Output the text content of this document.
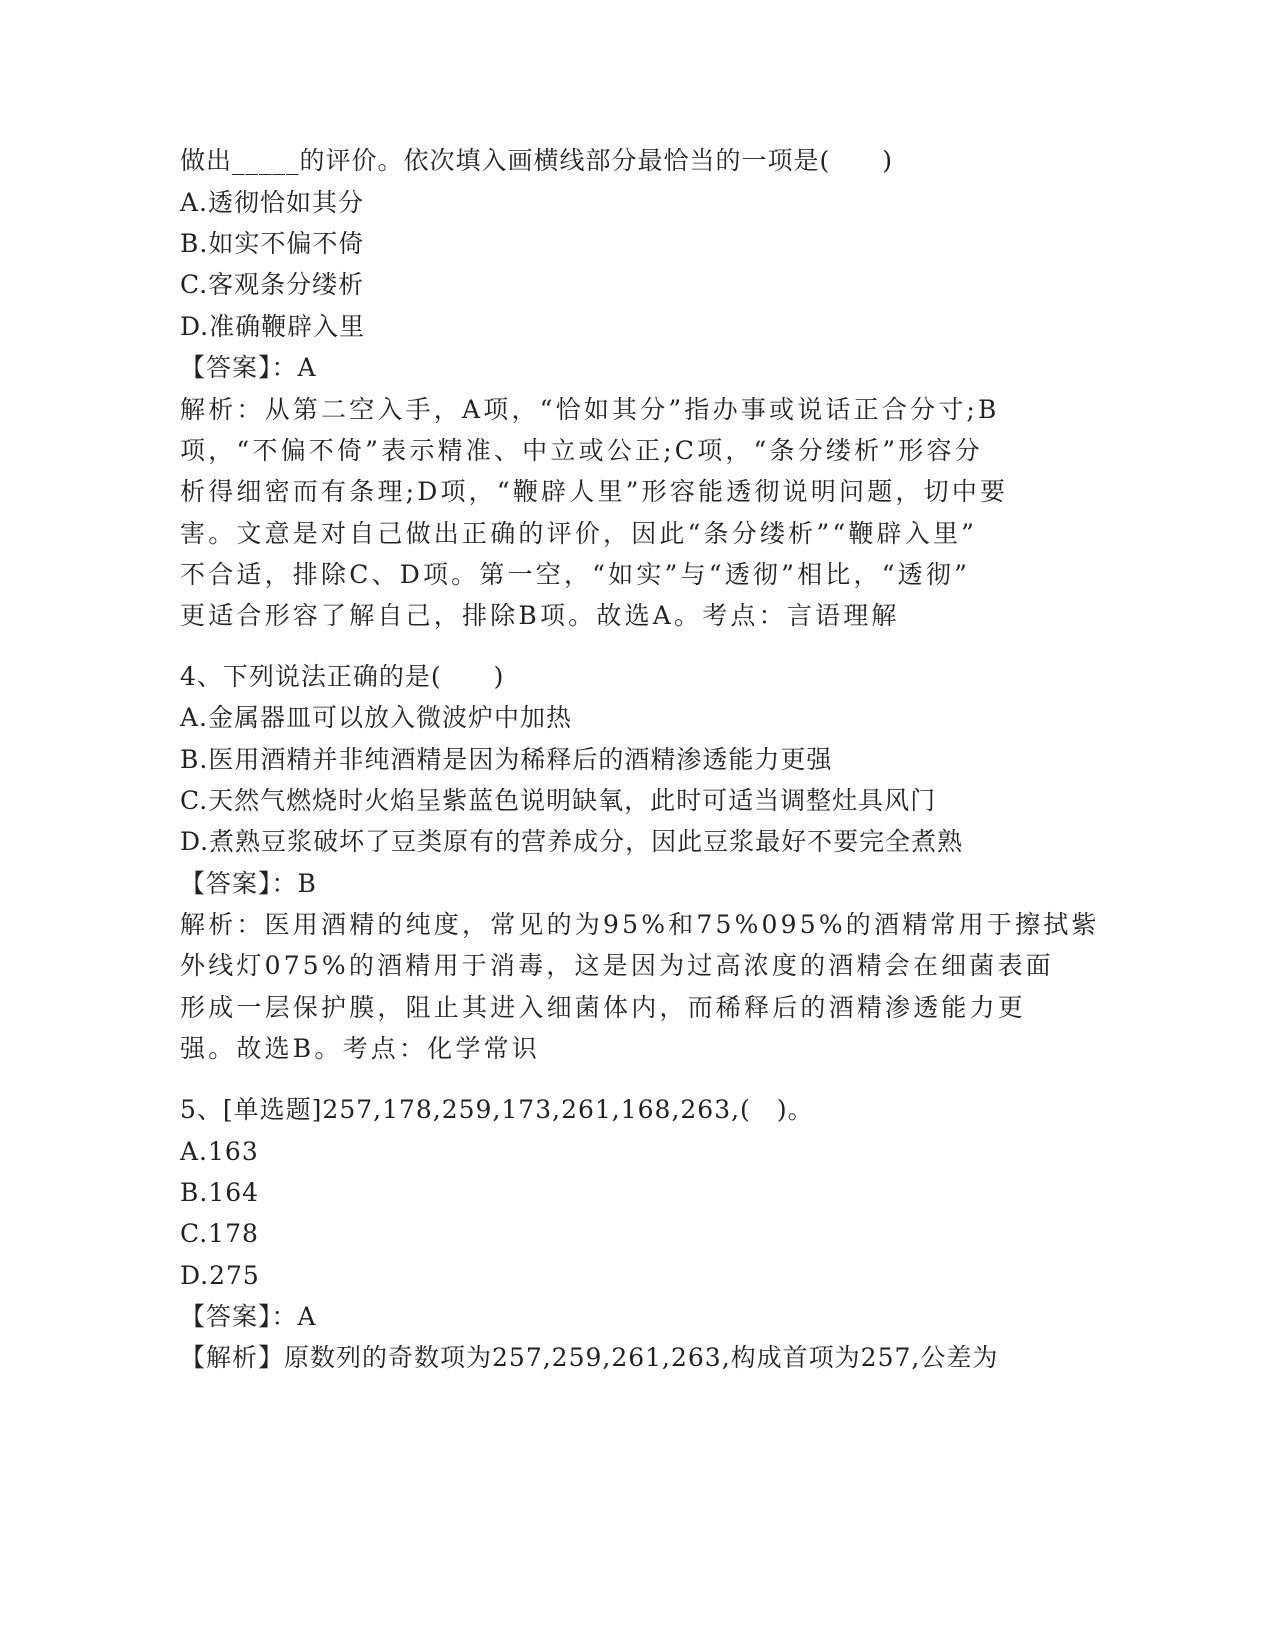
做出_____的评价。依次填入画横线部分最恰当的一项是(　　)
A.透彻恰如其分
B.如实不偏不倚
C.客观条分缕析
D.准确鞭辟入里
【答案】：A
解析：从第二空入手，A项，“恰如其分”指办事或说话正合分寸;B
项，“不偏不倚”表示精准、中立或公正;C项，“条分缕析”形容分
析得细密而有条理;D项，“鞭辟人里”形容能透彻说明问题，切中要
害。文意是对自己做出正确的评价，因此“条分缕析”“鞭辟入里”
不合适，排除C、D项。第一空，“如实”与“透彻”相比，“透彻”
更适合形容了解自己，排除B项。故选A。考点：言语理解
4、下列说法正确的是(　　)
A.金属器皿可以放入微波炉中加热
B.医用酒精并非纯酒精是因为稀释后的酒精渗透能力更强
C.天然气燃烧时火焰呈紫蓝色说明缺氧，此时可适当调整灶具风门
D.煮熟豆浆破坏了豆类原有的营养成分，因此豆浆最好不要完全煮熟
【答案】：B
解析：医用酒精的纯度，常见的为95%和75%095%的酒精常用于擦拭紫
外线灯075%的酒精用于消毒，这是因为过高浓度的酒精会在细菌表面
形成一层保护膜，阻止其进入细菌体内，而稀释后的酒精渗透能力更
强。故选B。考点：化学常识
5、[单选题]257,178,259,173,261,168,263,(　)。
A.163
B.164
C.178
D.275
【答案】：A
【解析】原数列的奇数项为257,259,261,263,构成首项为257,公差为
